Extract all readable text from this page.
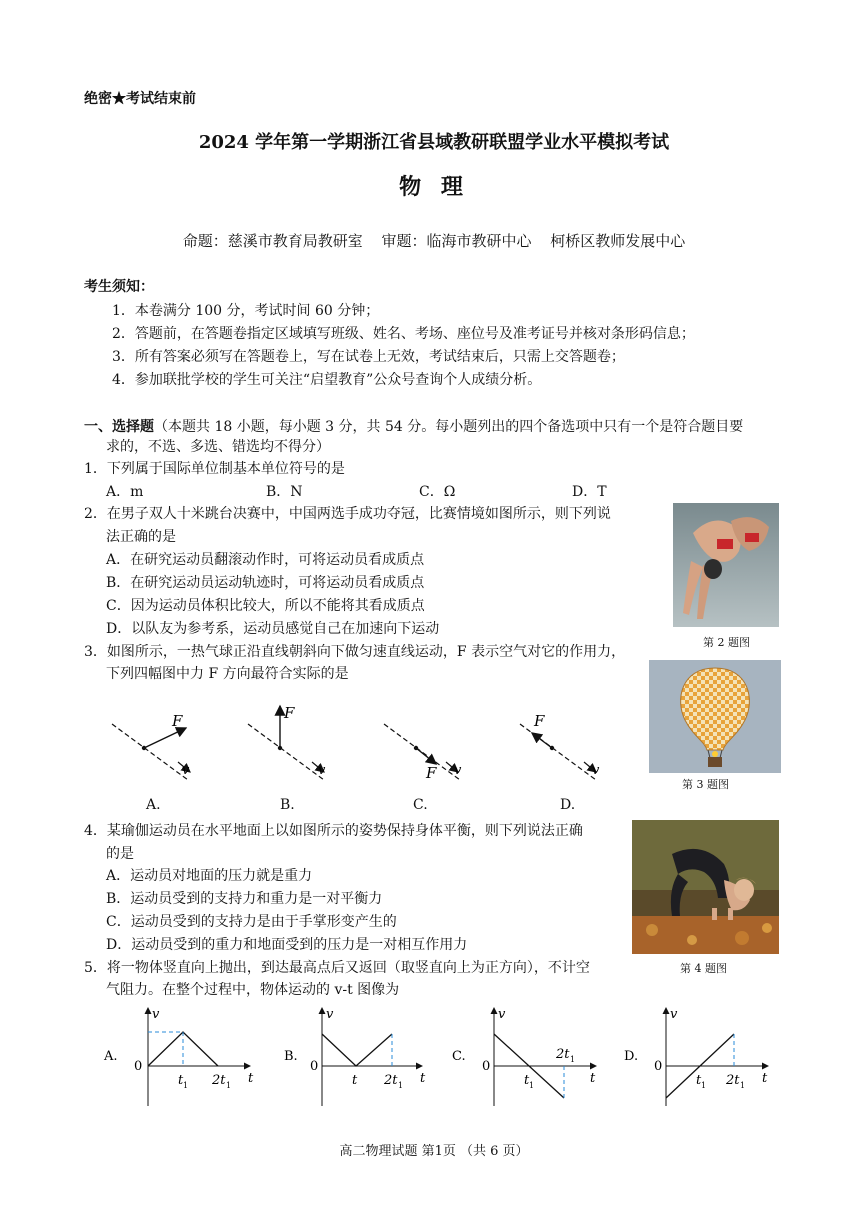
绝密★考试结束前
2024 学年第一学期浙江省县域教研联盟学业水平模拟考试
物 理
命题：慈溪市教育局教研室 审题：临海市教研中心 柯桥区教师发展中心
考生须知：
1．本卷满分 100 分，考试时间 60 分钟；
2．答题前，在答题卷指定区域填写班级、姓名、考场、座位号及准考证号并核对条形码信息；
3．所有答案必须写在答题卷上，写在试卷上无效，考试结束后，只需上交答题卷；
4．参加联批学校的学生可关注“启望教育”公众号查询个人成绩分析。
一、选择题（本题共 18 小题，每小题 3 分，共 54 分。每小题列出的四个备选项中只有一个是符合题目要
求的，不选、多选、错选均不得分）
1．下列属于国际单位制基本单位符号的是
A．m	B．N	C．Ω	D．T
2．在男子双人十米跳台决赛中，中国两选手成功夺冠，比赛情境如图所示，则下列说
法正确的是
A．在研究运动员翻滚动作时，可将运动员看成质点
B．在研究运动员运动轨迹时，可将运动员看成质点
C．因为运动员体积比较大，所以不能将其看成质点
D．以队友为参考系，运动员感觉自己在加速向下运动
第 2 题图
3．如图所示，一热气球正沿直线朝斜向下做匀速直线运动，F 表示空气对它的作用力，
下列四幅图中力 F 方向最符合实际的是
第 3 题图
F
v
F
v	F v
F
v
A.	B.	C.	D.
4．某瑜伽运动员在水平地面上以如图所示的姿势保持身体平衡，则下列说法正确
的是
A．运动员对地面的压力就是重力
B．运动员受到的支持力和重力是一对平衡力
C．运动员受到的支持力是由于手掌形变产生的
D．运动员受到的重力和地面受到的压力是一对相互作用力
第 4 题图
5．将一物体竖直向上抛出，到达最高点后又返回（取竖直向上为正方向），不计空
气阻力。在整个过程中，物体运动的 v-t 图像为
A.
v
0
t 1 2t 1 t
B.
v
0
t 2t 1 t
C.
v
0
t 1
2t 1
t
D.
v
0
t 1 2t 1 t
高二物理试题 第1页 （共 6 页）
